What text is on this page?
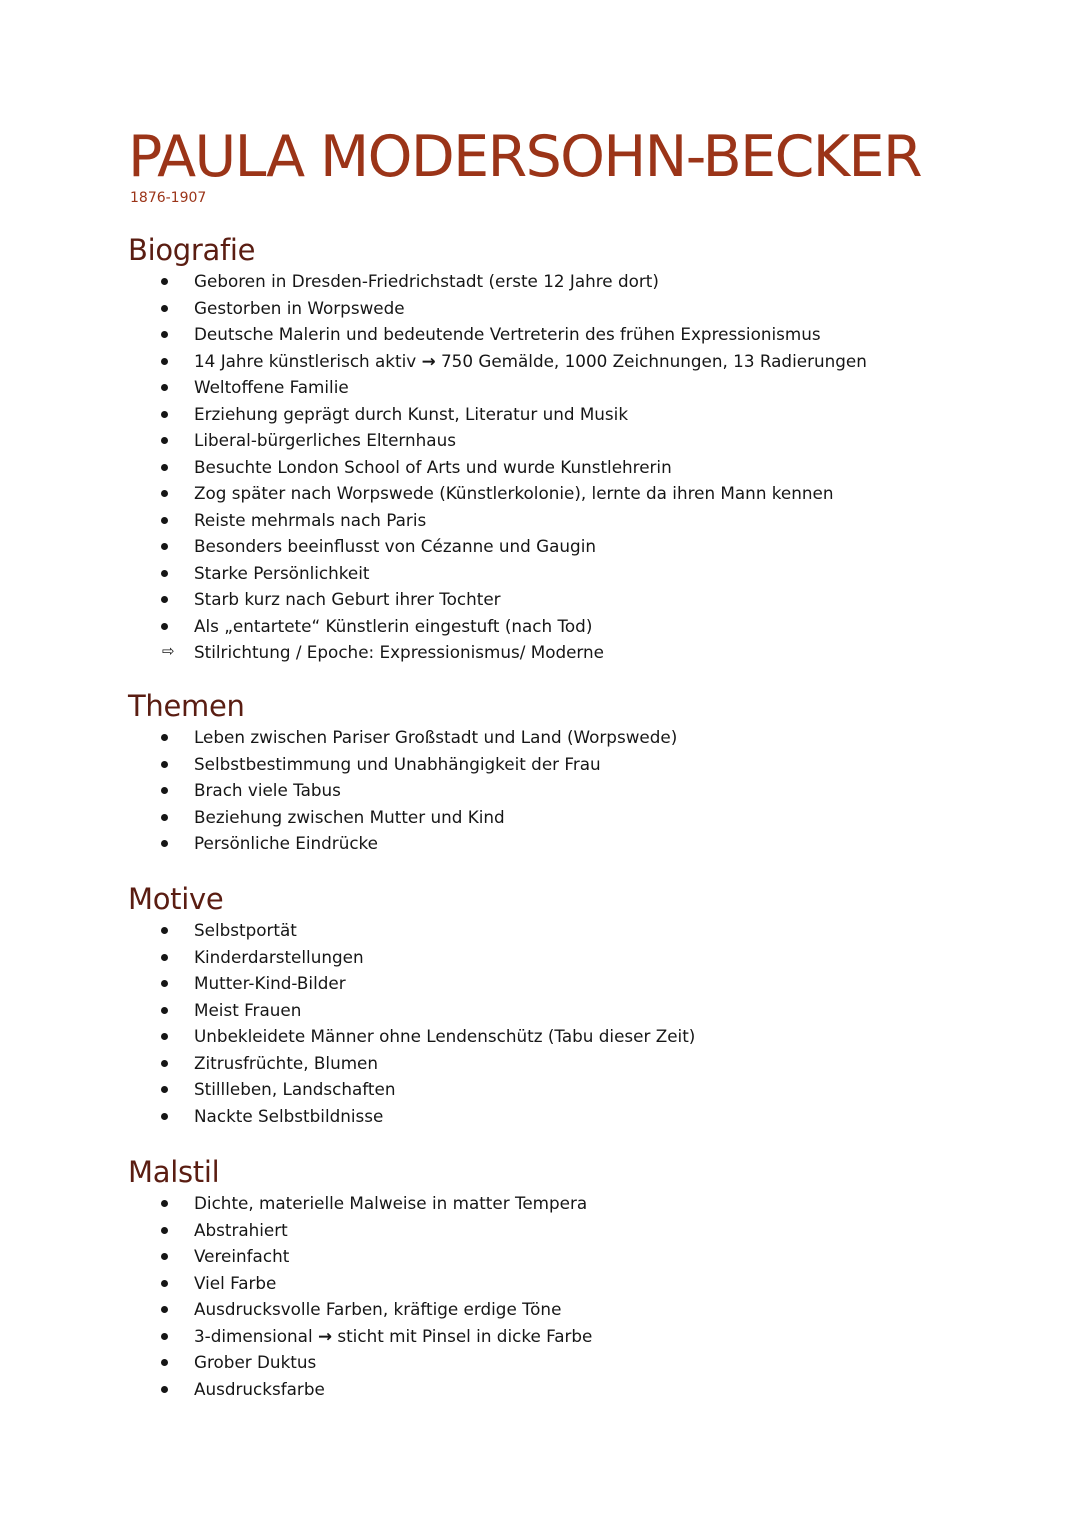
PAULA MODERSOHN-BECKER
1876-1907
Biografie
Geboren in Dresden-Friedrichstadt (erste 12 Jahre dort)
Gestorben in Worpswede
Deutsche Malerin und bedeutende Vertreterin des frühen Expressionismus
14 Jahre künstlerisch aktiv → 750 Gemälde, 1000 Zeichnungen, 13 Radierungen
Weltoffene Familie
Erziehung geprägt durch Kunst, Literatur und Musik
Liberal-bürgerliches Elternhaus
Besuchte London School of Arts und wurde Kunstlehrerin
Zog später nach Worpswede (Künstlerkolonie), lernte da ihren Mann kennen
Reiste mehrmals nach Paris
Besonders beeinflusst von Cézanne und Gaugin
Starke Persönlichkeit
Starb kurz nach Geburt ihrer Tochter
Als „entartete“ Künstlerin eingestuft (nach Tod)
⇨ Stilrichtung / Epoche: Expressionismus/ Moderne
Themen
Leben zwischen Pariser Großstadt und Land (Worpswede)
Selbstbestimmung und Unabhängigkeit der Frau
Brach viele Tabus
Beziehung zwischen Mutter und Kind
Persönliche Eindrücke
Motive
Selbstportät
Kinderdarstellungen
Mutter-Kind-Bilder
Meist Frauen
Unbekleidete Männer ohne Lendenschütz (Tabu dieser Zeit)
Zitrusfrüchte, Blumen
Stillleben, Landschaften
Nackte Selbstbildnisse
Malstil
Dichte, materielle Malweise in matter Tempera
Abstrahiert
Vereinfacht
Viel Farbe
Ausdrucksvolle Farben, kräftige erdige Töne
3-dimensional → sticht mit Pinsel in dicke Farbe
Grober Duktus
Ausdrucksfarbe
